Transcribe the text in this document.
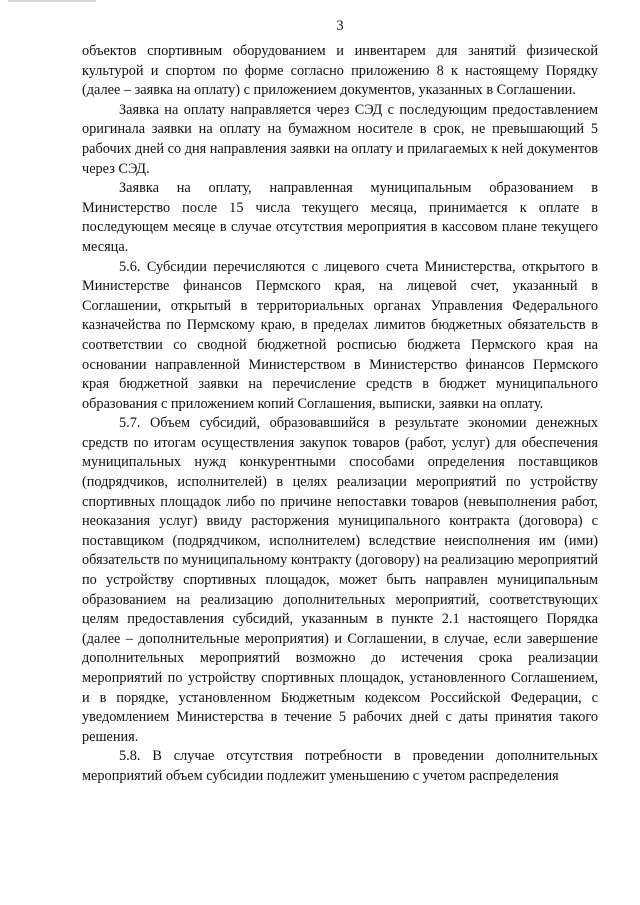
3

объектов спортивным оборудованием и инвентарем для занятий физической культурой и спортом по форме согласно приложению 8 к настоящему Порядку (далее – заявка на оплату) с приложением документов, указанных в Соглашении.

Заявка на оплату направляется через СЭД с последующим предоставлением оригинала заявки на оплату на бумажном носителе в срок, не превышающий 5 рабочих дней со дня направления заявки на оплату и прилагаемых к ней документов через СЭД.

Заявка на оплату, направленная муниципальным образованием в Министерство после 15 числа текущего месяца, принимается к оплате в последующем месяце в случае отсутствия мероприятия в кассовом плане текущего месяца.

5.6. Субсидии перечисляются с лицевого счета Министерства, открытого в Министерстве финансов Пермского края, на лицевой счет, указанный в Соглашении, открытый в территориальных органах Управления Федерального казначейства по Пермскому краю, в пределах лимитов бюджетных обязательств в соответствии со сводной бюджетной росписью бюджета Пермского края на основании направленной Министерством в Министерство финансов Пермского края бюджетной заявки на перечисление средств в бюджет муниципального образования с приложением копий Соглашения, выписки, заявки на оплату.

5.7. Объем субсидий, образовавшийся в результате экономии денежных средств по итогам осуществления закупок товаров (работ, услуг) для обеспечения муниципальных нужд конкурентными способами определения поставщиков (подрядчиков, исполнителей) в целях реализации мероприятий по устройству спортивных площадок либо по причине непоставки товаров (невыполнения работ, неоказания услуг) ввиду расторжения муниципального контракта (договора) с поставщиком (подрядчиком, исполнителем) вследствие неисполнения им (ими) обязательств по муниципальному контракту (договору) на реализацию мероприятий по устройству спортивных площадок, может быть направлен муниципальным образованием на реализацию дополнительных мероприятий, соответствующих целям предоставления субсидий, указанным в пункте 2.1 настоящего Порядка (далее – дополнительные мероприятия) и Соглашении, в случае, если завершение дополнительных мероприятий возможно до истечения срока реализации мероприятий по устройству спортивных площадок, установленного Соглашением, и в порядке, установленном Бюджетным кодексом Российской Федерации, с уведомлением Министерства в течение 5 рабочих дней с даты принятия такого решения.

5.8. В случае отсутствия потребности в проведении дополнительных мероприятий объем субсидии подлежит уменьшению с учетом распределения
